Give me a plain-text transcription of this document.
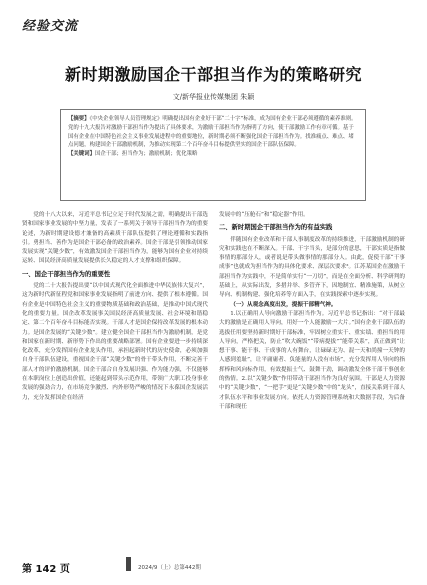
经验交流
新时期激励国企干部担当作为的策略研究
文/新华报业传媒集团 朱颖
【摘要】《中央企业领导人员管理规定》明确提出国有企业好干部“二十字”标准，成为国有企业干部必须遵循的素养准则。党的十九大报告对激励干部担当作为提出了具体要求，为激励干部担当作为指明了方向，使干部激励工作有章可循。基于国有企业在中国特色社会主义事业发展进程中的重要地位，新时期必须不断强化国企干部担当作为。找准痛点、难点、堵点问题，构建国企干部激励机制，为推动实现第二个百年奋斗目标提供坚实的国企干部队伍保障。
【关键词】国企干部；担当作为；激励机制；优化策略

党的十八大以来，习近平总书记立足于时代发展之需，明确提出干部选贤和国家事业发展的中坚力量，发表了一系列关于领导干部担当作为的重要论述，为新时期建设德才兼备的高素质干部队伍提供了理论遵循和实践指引。勇担当、善作为是国企干部必备的政治素养。国企干部是引领推动国家发展实现“关键少数”，有效激发国企干部担当作为，能够为国有企业对持续运转、国民经济高质量发展提供长久稳定的人才支撑和组织保障。

一、国企干部担当作为的重要性

党的二十大报告提出要“以中国式现代化全面推进中华民族伟大复兴”，这为新时代新征程党和国家事业发展指明了前进方向、提供了根本遵循。国有企业是中国特色社会主义的重要物质基础和政治基础，是推动中国式现代化的重要力量。国企改革发展事关国民经济高质量发展、社会环境和谐稳定、第二个百年奋斗目标能否实现。干部人才是国企保持改革发展的根本动力。是国企发展的“关键少数”。建立健全国企干部担当作为激励机制，是党和国家在新时期、新形势下作出的重要战略部署。国有企业要进一步持续深化改革，充分发挥国有企业龙头作用，承担起新时代的历史使命，必须加强自身干部队伍建设，重视国企干部“关键少数”的骨干带头作用，不断完善干部人才的评价激励机制。国企干部合自身发展识强、作为能力强，不仅能够在本职岗位上创造出价值，还能起到带头示范作用，带领广大职工投身事业发展的强劲合力，在市场竞争激烈、内外形势严峻的情况下永葆国企发展活力，充分发挥国企在经济

发展中的“压舱石”和“稳定器”作用。

二、新时期国企干部担当作为的有益实践

伴随国有企业改革和干部人事制度改革的持续推进，干部激励机制的研究和实践也在不断深入。干部、干字当头，是部分的意思，干部实质是指做事情的那部分人，或者说是带头做事情的那部分人。由此，促使干部“干事成事”也就成为担当作为的具体化要求、深层次要求²。江苏某国企在激励干部担当作为实践中，不是简单实行“一刀切”，而是在全面分析、科学研判的基础上，从实际出发，多措并举、多管齐下，因地制宜、精准施策，从树立导向、机制构建、强化培养等方面入手，在实践探索中逐步实现。

（一）从观念高度出发，提振干部精气神。

1.以正确用人导向激励干部担当作为。习近平总书记指出：“对干部最大的激励是正确用人导向，用好一个人能激励一大片。”国有企业干部队伍的选拔任用要坚持新时期好干部标准，牢固树立重实干、重实绩、重担当的用人导向，严格把关，防止“吹大碗饭”“带病提拔”“能带关系”，真正做到“让想干事、能干事、干成事的人有舞台，让碌碌无为、混一天和尚撞一天钟的人感到羞耻”，让平庸庸者、负能量的人没有市场”，充分发挥用人导向的指挥棒和风向标作用，有效提振士气、鼓舞干劲，调动激发全体干部干事创业的热情。2.以“关键少数”作用带动干部担当作为良好氛围。干部是人力资源中的“关键少数”，“一把手”更是“关键少数”中的“龙头”，直接关系到干部人才队伍水平和事业发展方向。依托人力资源管理系统和大数据手段，为后备干部和现任

第 142 页	2024/9（上）总第442期
